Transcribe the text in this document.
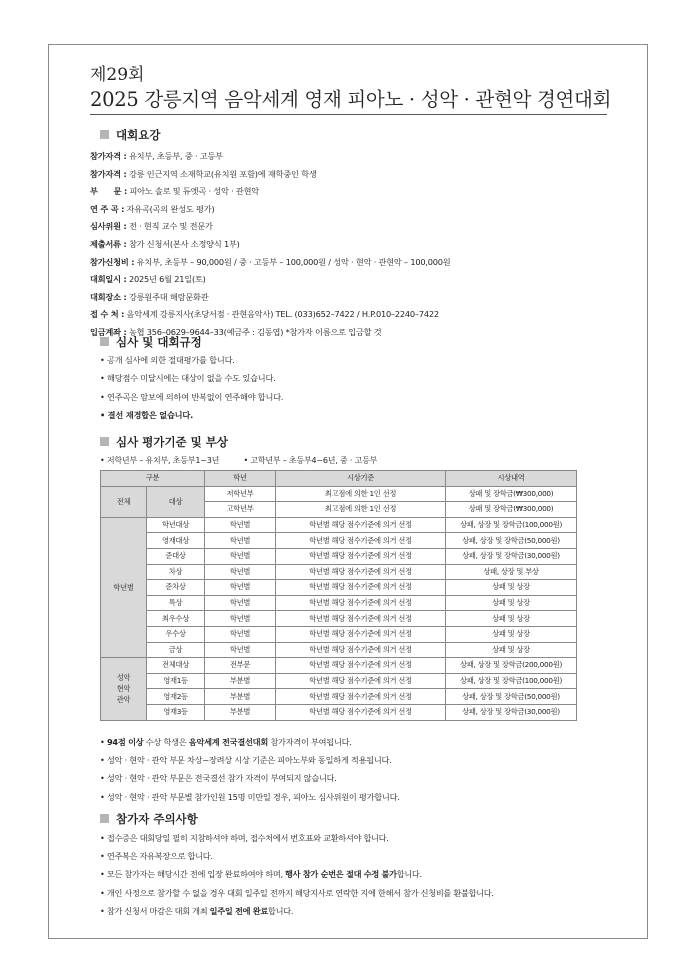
제29회
2025 강릉지역 음악세계 영재 피아노 · 성악 · 관현악 경연대회
대회요강
참가자격 : 유치부, 초등부, 중 · 고등부
참가자격 : 강릉 인근지역 소재학교(유치원 포함)에 재학중인 학생
부      문 : 피아노 솔로 및 듀엣곡 · 성악 · 관현악
연 주 곡 : 자유곡(곡의 완성도 평가)
심사위원 : 전 · 현직 교수 및 전문가
제출서류 : 참가 신청서(본사 소정양식 1부)
참가신청비 : 유치부, 초등부 – 90,000원 / 중 · 고등부 – 100,000원 / 성악 · 현악 · 관현악 – 100,000원
대회일시 : 2025년 6월 21일(토)
대회장소 : 강릉원주대 해람문화관
접 수 처 : 음악세계 강릉지사(초당서점 · 관현음악사) TEL. (033)652–7422 / H.P.010–2240–7422
입금계좌 : 농협 356–0629–9644–33(예금주 : 김동엽) *참가자 이름으로 입금할 것
심사 및 대회규정
• 공개 심사에 의한 절대평가를 합니다.
• 해당점수 미달시에는 대상이 없을 수도 있습니다.
• 연주곡은 암보에 의하여 반복없이 연주해야 합니다.
• 결선 재경합은 없습니다.
심사 평가기준 및 부상
• 저학년부 – 유치부, 초등부1~3년	• 고학년부 – 초등부4~6년, 중 · 고등부
구분		학년	시상기준	시상내역
전체	대상	저학년부	최고점에 의한 1인 선정	상패 및 장학금(₩300,000)
		고학년부	최고점에 의한 1인 선정	상패 및 장학금(₩300,000)
학년별	학년대상	학년별	학년별 해당 점수기준에 의거 선정	상패, 상장 및 장학금(100,000원)
	영재대상	학년별	학년별 해당 점수기준에 의거 선정	상패, 상장 및 장학금(50,000원)
	준대상	학년별	학년별 해당 점수기준에 의거 선정	상패, 상장 및 장학금(30,000원)
	차상	학년별	학년별 해당 점수기준에 의거 선정	상패, 상장 및 부상
	준차상	학년별	학년별 해당 점수기준에 의거 선정	상패 및 상장
	특상	학년별	학년별 해당 점수기준에 의거 선정	상패 및 상장
	최우수상	학년별	학년별 해당 점수기준에 의거 선정	상패 및 상장
	우수상	학년별	학년별 해당 점수기준에 의거 선정	상패 및 상장
	금상	학년별	학년별 해당 점수기준에 의거 선정	상패 및 상장

성악
현악
관악	전체대상	전부문	학년별 해당 점수기준에 의거 선정	상패, 상장 및 장학금(200,000원)
	영재1등	부분별	학년별 해당 점수기준에 의거 선정	상패, 상장 및 장학금(100,000원)
	영재2등	부분별	학년별 해당 점수기준에 의거 선정	상패, 상장 및 장학금(50,000원)
	영재3등	부분별	학년별 해당 점수기준에 의거 선정	상패, 상장 및 장학금(30,000원)
• 94점 이상 수상 학생은 음악세계 전국결선대회 참가자격이 부여됩니다.
• 성악 · 현악 · 관악 부문 차상~장려상 시상 기준은 피아노부와 동일하게 적용됩니다.
• 성악 · 현악 · 관악 부문은 전국결선 참가 자격이 부여되지 않습니다.
• 성악 · 현악 · 관악 부문별 참가인원 15명 미만일 경우, 피아노 심사위원이 평가합니다.
참가자 주의사항
• 접수증은 대회당일 필히 지참하셔야 하며, 접수처에서 번호표와 교환하셔야 합니다.
• 연주복은 자유복장으로 합니다.
• 모든 참가자는 해당시간 전에 입장 완료하여야 하며, 행사 참가 순번은 절대 수정 불가합니다.
• 개인 사정으로 참가할 수 없을 경우 대회 일주일 전까지 해당지사로 연락한 지에 한해서 참가 신청비를 환불합니다.
• 참가 신청서 마감은 대회 개최 일주일 전에 완료합니다.
